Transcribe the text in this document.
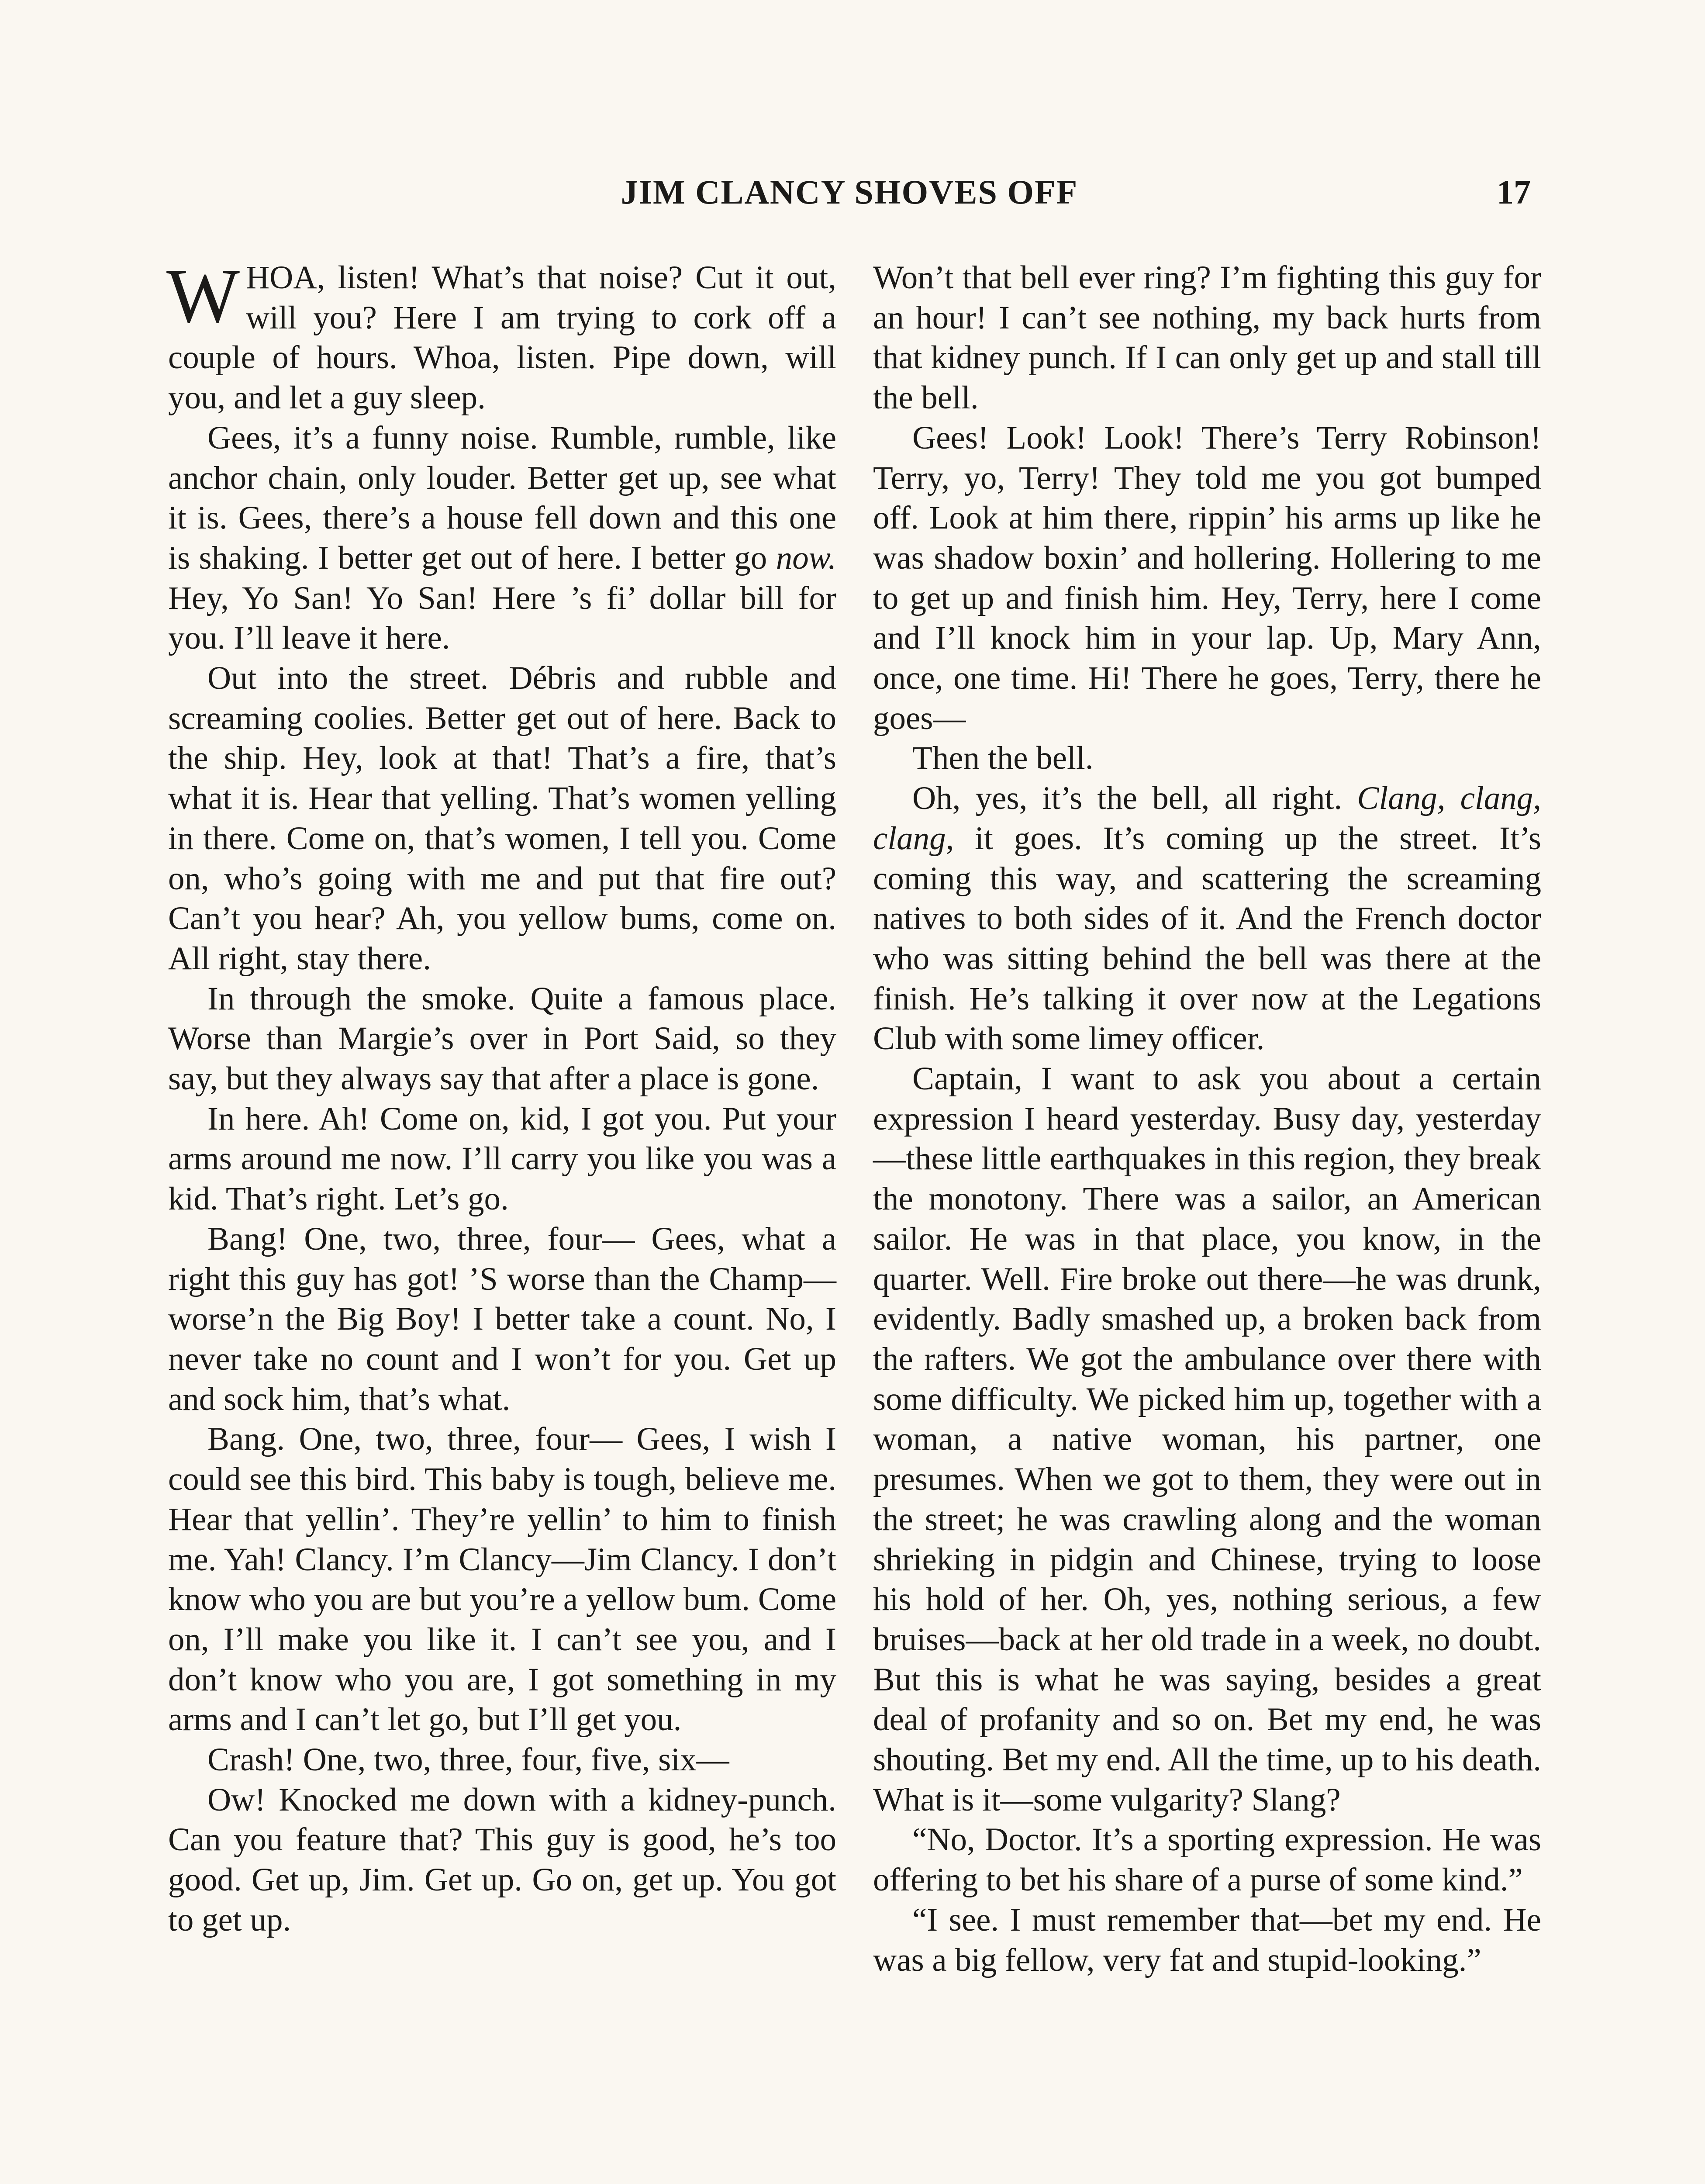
JIM CLANCY SHOVES OFF	17

WHOA, listen! What’s that noise? Cut it out, will you? Here I am trying to cork off a couple of hours. Whoa, listen. Pipe down, will you, and let a guy sleep.

Gees, it’s a funny noise. Rumble, rumble, like anchor chain, only louder. Better get up, see what it is. Gees, there’s a house fell down and this one is shaking. I better get out of here. I better go now. Hey, Yo San! Yo San! Here ’s fi’ dollar bill for you. I’ll leave it here.

Out into the street. Débris and rubble and screaming coolies. Better get out of here. Back to the ship. Hey, look at that! That’s a fire, that’s what it is. Hear that yelling. That’s women yelling in there. Come on, that’s women, I tell you. Come on, who’s going with me and put that fire out? Can’t you hear? Ah, you yellow bums, come on. All right, stay there.

In through the smoke. Quite a famous place. Worse than Margie’s over in Port Said, so they say, but they always say that after a place is gone.

In here. Ah! Come on, kid, I got you. Put your arms around me now. I’ll carry you like you was a kid. That’s right. Let’s go.

Bang! One, two, three, four— Gees, what a right this guy has got! ’S worse than the Champ—worse’n the Big Boy! I better take a count. No, I never take no count and I won’t for you. Get up and sock him, that’s what.

Bang. One, two, three, four— Gees, I wish I could see this bird. This baby is tough, believe me. Hear that yellin’. They’re yellin’ to him to finish me. Yah! Clancy. I’m Clancy—Jim Clancy. I don’t know who you are but you’re a yellow bum. Come on, I’ll make you like it. I can’t see you, and I don’t know who you are, I got something in my arms and I can’t let go, but I’ll get you.

Crash! One, two, three, four, five, six—

Ow! Knocked me down with a kidney-punch. Can you feature that? This guy is good, he’s too good. Get up, Jim. Get up. Go on, get up. You got to get up.

Won’t that bell ever ring? I’m fighting this guy for an hour! I can’t see nothing, my back hurts from that kidney punch. If I can only get up and stall till the bell.

Gees! Look! Look! There’s Terry Robinson! Terry, yo, Terry! They told me you got bumped off. Look at him there, rippin’ his arms up like he was shadow boxin’ and hollering. Hollering to me to get up and finish him. Hey, Terry, here I come and I’ll knock him in your lap. Up, Mary Ann, once, one time. Hi! There he goes, Terry, there he goes—

Then the bell.

Oh, yes, it’s the bell, all right. Clang, clang, clang, it goes. It’s coming up the street. It’s coming this way, and scattering the screaming natives to both sides of it. And the French doctor who was sitting behind the bell was there at the finish. He’s talking it over now at the Legations Club with some limey officer.

Captain, I want to ask you about a certain expression I heard yesterday. Busy day, yesterday—these little earthquakes in this region, they break the monotony. There was a sailor, an American sailor. He was in that place, you know, in the quarter. Well. Fire broke out there—he was drunk, evidently. Badly smashed up, a broken back from the rafters. We got the ambulance over there with some difficulty. We picked him up, together with a woman, a native woman, his partner, one presumes. When we got to them, they were out in the street; he was crawling along and the woman shrieking in pidgin and Chinese, trying to loose his hold of her. Oh, yes, nothing serious, a few bruises—back at her old trade in a week, no doubt. But this is what he was saying, besides a great deal of profanity and so on. Bet my end, he was shouting. Bet my end. All the time, up to his death. What is it—some vulgarity? Slang?

“No, Doctor. It’s a sporting expression. He was offering to bet his share of a purse of some kind.”

“I see. I must remember that—bet my end. He was a big fellow, very fat and stupid-looking.”
